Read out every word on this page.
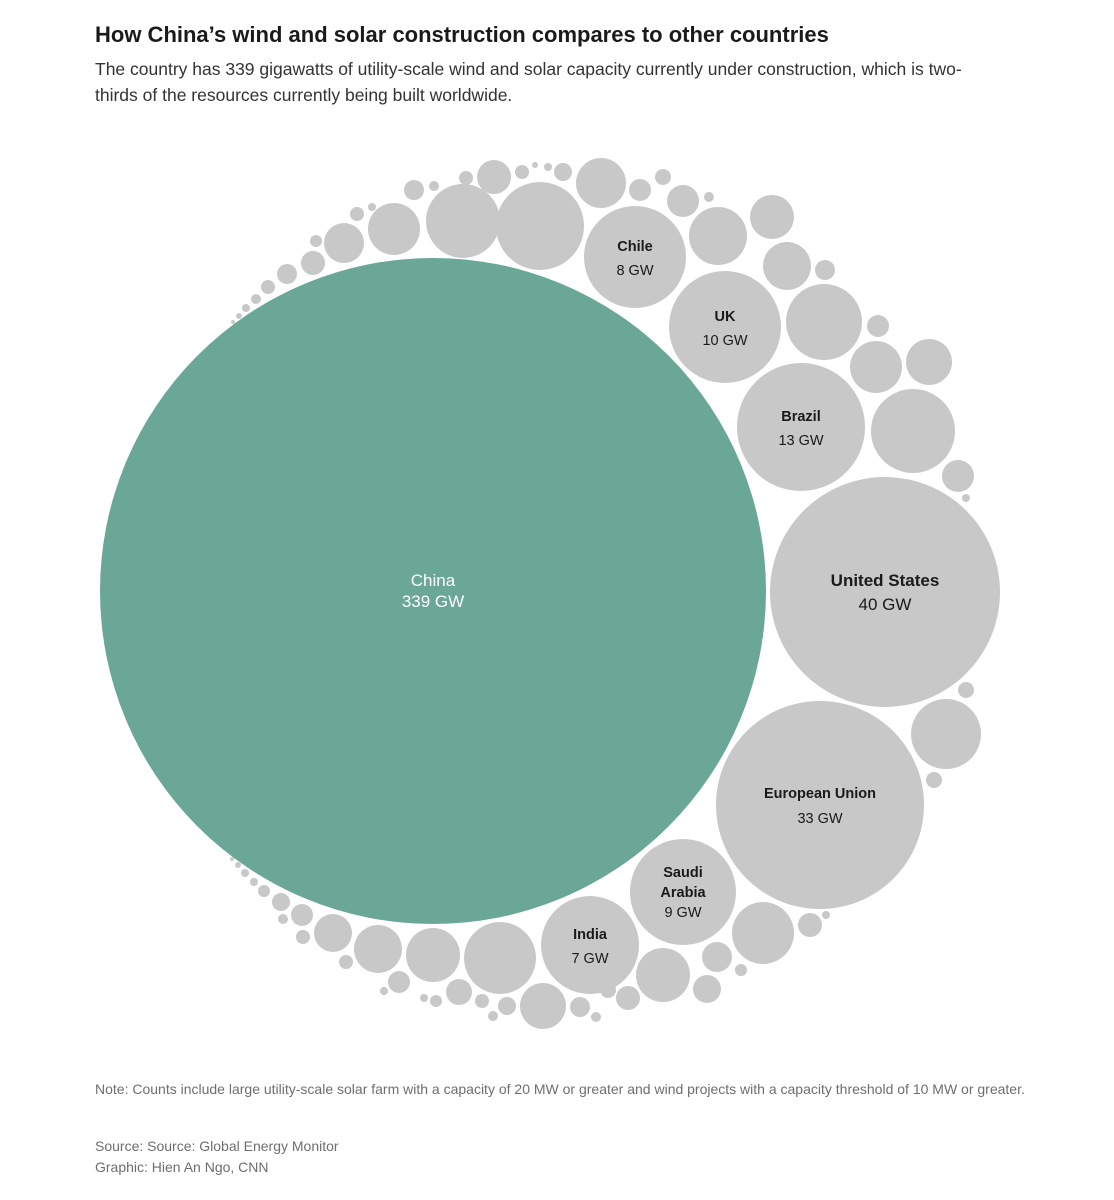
How China’s wind and solar construction compares to other countries

The country has 339 gigawatts of utility-scale wind and solar capacity currently under construction, which is two-thirds of the resources currently being built worldwide.

China
339 GW
United States
40 GW
European Union
33 GW
Brazil
13 GW
UK
10 GW
Saudi Arabia
9 GW
Chile
8 GW
India
7 GW

Note: Counts include large utility-scale solar farm with a capacity of 20 MW or greater and wind projects with a capacity threshold of 10 MW or greater.

Source: Source: Global Energy Monitor

Graphic: Hien An Ngo, CNN
